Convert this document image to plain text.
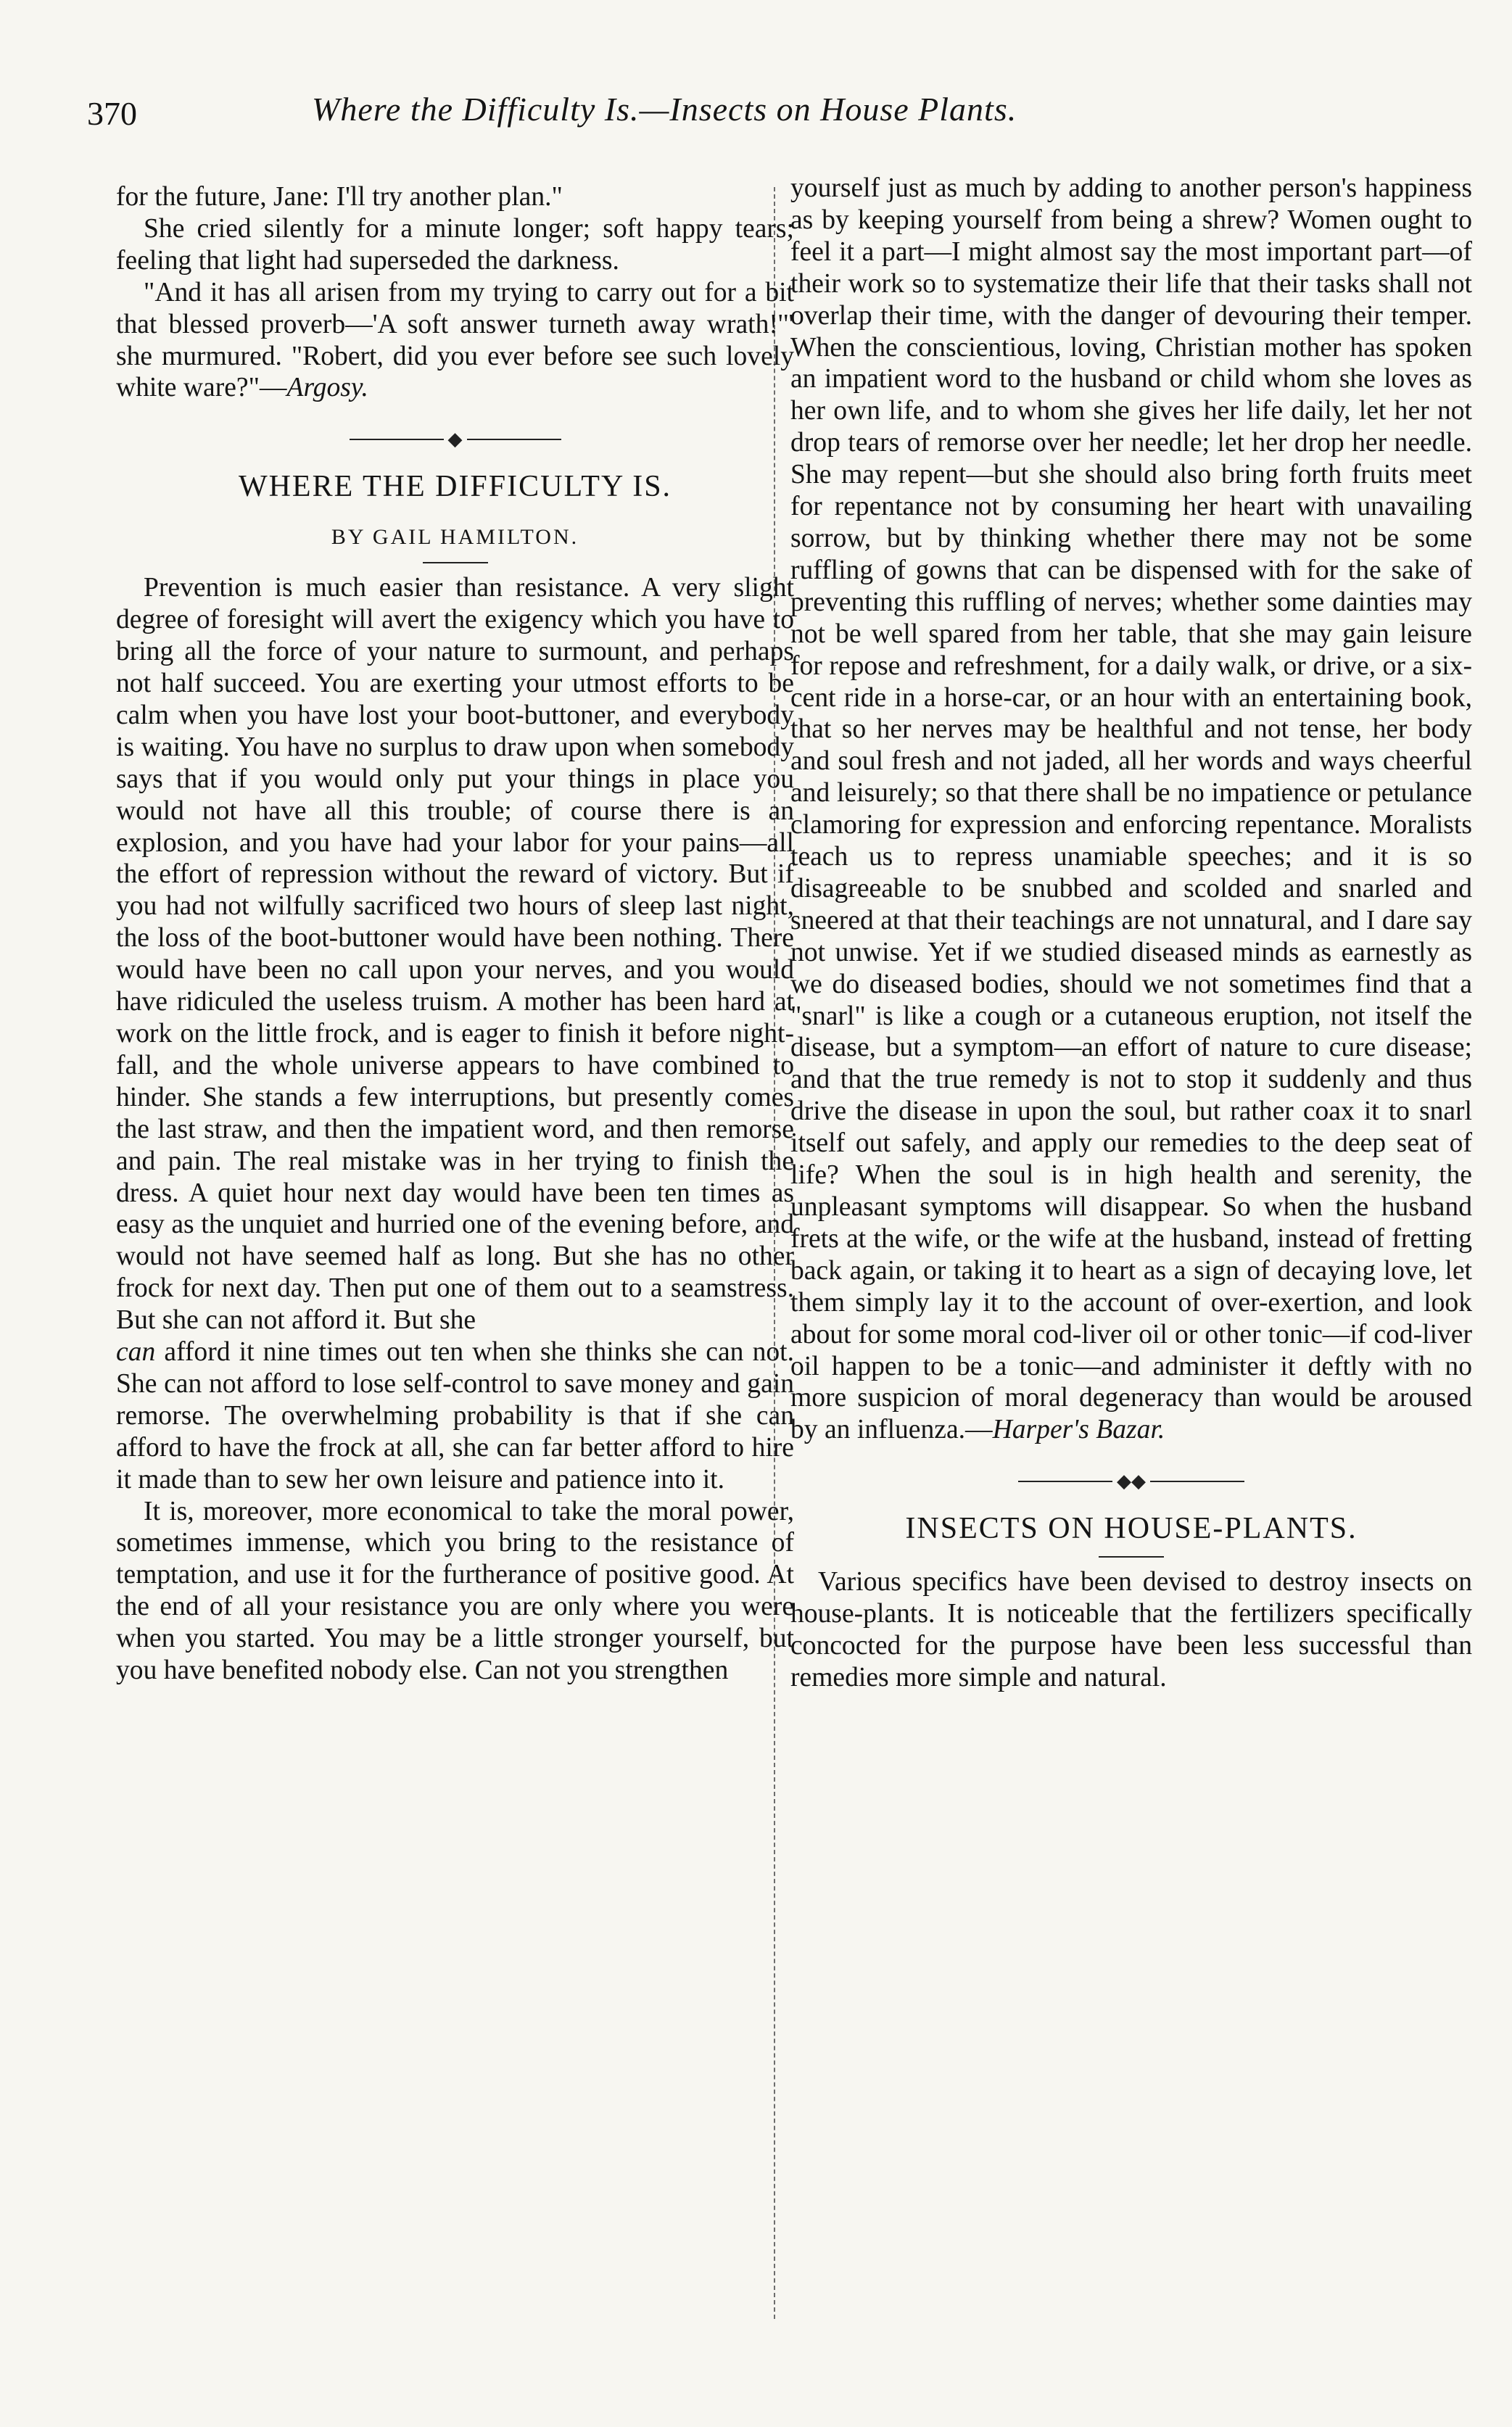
370	Where the Difficulty Is.—Insects on House Plants.

for the future, Jane: I'll try another plan."

She cried silently for a minute longer; soft happy tears; feeling that light had superseded the darkness.

"And it has all arisen from my trying to carry out for a bit that blessed proverb—'A soft answer turneth away wrath!'" she murmured. "Robert, did you ever before see such lovely white ware?"—Argosy.

◆
WHERE THE DIFFICULTY IS.
BY GAIL HAMILTON.

Prevention is much easier than resistance. A very slight degree of foresight will avert the exigency which you have to bring all the force of your nature to surmount, and perhaps not half succeed. You are exerting your utmost efforts to be calm when you have lost your boot-buttoner, and everybody is waiting. You have no surplus to draw upon when somebody says that if you would only put your things in place you would not have all this trouble; of course there is an explosion, and you have had your labor for your pains—all the effort of repression without the reward of victory. But if you had not wilfully sacrificed two hours of sleep last night, the loss of the boot-buttoner would have been nothing. There would have been no call upon your nerves, and you would have ridiculed the useless truism. A mother has been hard at work on the little frock, and is eager to finish it before night-fall, and the whole universe appears to have combined to hinder. She stands a few interruptions, but presently comes the last straw, and then the impatient word, and then remorse and pain. The real mistake was in her trying to finish the dress. A quiet hour next day would have been ten times as easy as the unquiet and hurried one of the evening before, and would not have seemed half as long. But she has no other frock for next day. Then put one of them out to a seamstress. But she can not afford it. But she

can afford it nine times out ten when she thinks she can not. She can not afford to lose self-control to save money and gain remorse. The overwhelming probability is that if she can afford to have the frock at all, she can far better afford to hire it made than to sew her own leisure and patience into it.

It is, moreover, more economical to take the moral power, sometimes immense, which you bring to the resistance of temptation, and use it for the furtherance of positive good. At the end of all your resistance you are only where you were when you started. You may be a little stronger yourself, but you have benefited nobody else. Can not you strengthen

yourself just as much by adding to another person's happiness as by keeping yourself from being a shrew? Women ought to feel it a part—I might almost say the most important part—of their work so to systematize their life that their tasks shall not overlap their time, with the danger of devouring their temper. When the conscientious, loving, Christian mother has spoken an impatient word to the husband or child whom she loves as her own life, and to whom she gives her life daily, let her not drop tears of remorse over her needle; let her drop her needle. She may repent—but she should also bring forth fruits meet for repentance not by consuming her heart with unavailing sorrow, but by thinking whether there may not be some ruffling of gowns that can be dispensed with for the sake of preventing this ruffling of nerves; whether some dainties may not be well spared from her table, that she may gain leisure for repose and refreshment, for a daily walk, or drive, or a six-cent ride in a horse-car, or an hour with an entertaining book, that so her nerves may be healthful and not tense, her body and soul fresh and not jaded, all her words and ways cheerful and leisurely; so that there shall be no impatience or petulance clamoring for expression and enforcing repentance. Moralists teach us to repress unamiable speeches; and it is so disagreeable to be snubbed and scolded and snarled and sneered at that their teachings are not unnatural, and I dare say not unwise. Yet if we studied diseased minds as earnestly as we do diseased bodies, should we not sometimes find that a "snarl" is like a cough or a cutaneous eruption, not itself the disease, but a symptom—an effort of nature to cure disease; and that the true remedy is not to stop it suddenly and thus drive the disease in upon the soul, but rather coax it to snarl itself out safely, and apply our remedies to the deep seat of life? When the soul is in high health and serenity, the unpleasant symptoms will disappear. So when the husband frets at the wife, or the wife at the husband, instead of fretting back again, or taking it to heart as a sign of decaying love, let them simply lay it to the account of over-exertion, and look about for some moral cod-liver oil or other tonic—if cod-liver oil happen to be a tonic—and administer it deftly with no more suspicion of moral degeneracy than would be aroused by an influenza.—Harper's Bazar.

◆◆
INSECTS ON HOUSE-PLANTS.

Various specifics have been devised to destroy insects on house-plants. It is noticeable that the fertilizers specifically concocted for the purpose have been less successful than remedies more simple and natural.
